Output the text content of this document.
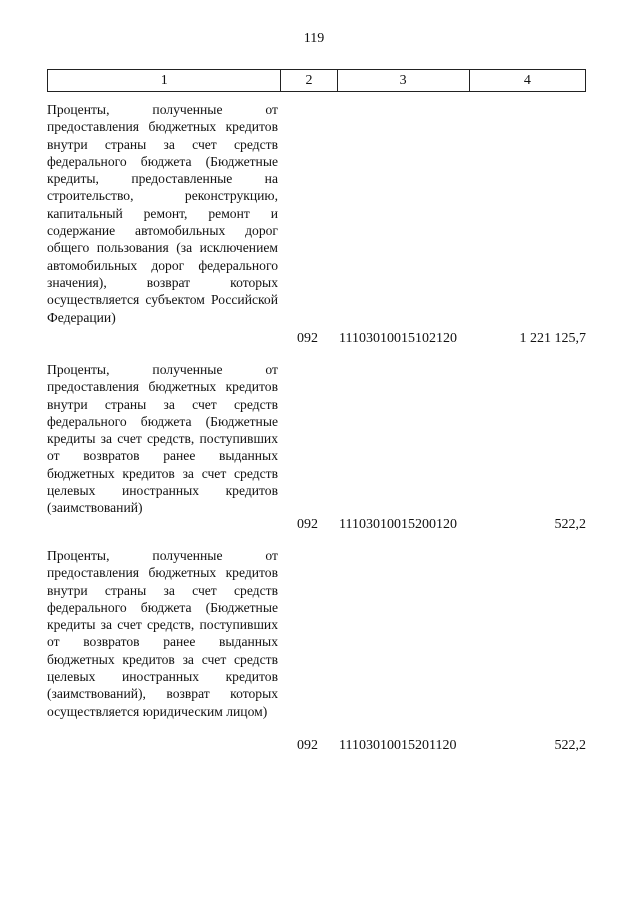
119
1	2	3	4
Проценты, полученные от предоставления бюджетных кредитов внутри страны за счет средств федерального бюджета (Бюджетные кредиты, предоставленные на строительство, реконструкцию, капитальный ремонт, ремонт и содержание автомобильных дорог общего пользования (за исключением автомобильных дорог федерального значения), возврат которых осуществляется субъектом Российской Федерации)
092 11103010015102120	1 221 125,7
Проценты, полученные от предоставления бюджетных кредитов внутри страны за счет средств федерального бюджета (Бюджетные кредиты за счет средств, поступивших от возвратов ранее выданных бюджетных кредитов за счет средств целевых иностранных кредитов (заимствований)
092 11103010015200120	522,2
Проценты, полученные от предоставления бюджетных кредитов внутри страны за счет средств федерального бюджета (Бюджетные кредиты за счет средств, поступивших от возвратов ранее выданных бюджетных кредитов за счет средств целевых иностранных кредитов (заимствований), возврат которых осуществляется юридическим лицом)
092 11103010015201120	522,2
